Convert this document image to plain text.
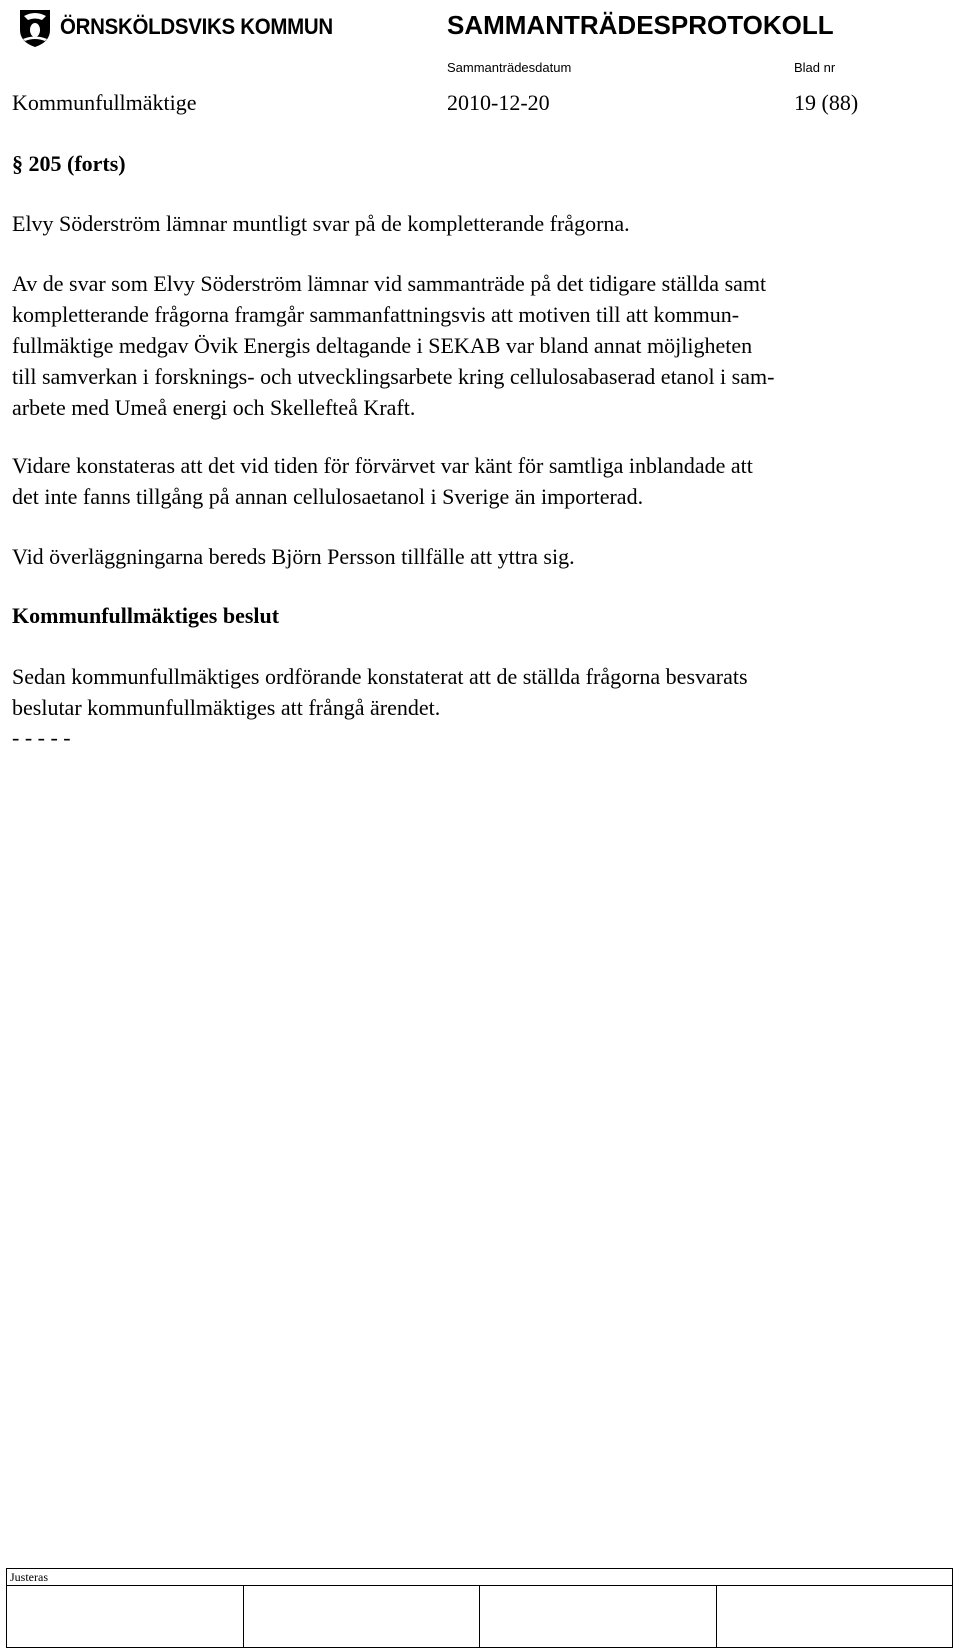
ÖRNSKÖLDSVIKS KOMMUN	SAMMANTRÄDESPROTOKOLL
Sammanträdesdatum	Blad nr
Kommunfullmäktige	2010-12-20	19 (88)
§ 205 (forts)
Elvy Söderström lämnar muntligt svar på de kompletterande frågorna.
Av de svar som Elvy Söderström lämnar vid sammanträde på det tidigare ställda samt
kompletterande frågorna framgår sammanfattningsvis att motiven till att kommun-
fullmäktige medgav Övik Energis deltagande i SEKAB var bland annat möjligheten
till samverkan i forsknings- och utvecklingsarbete kring cellulosabaserad etanol i sam-
arbete med Umeå energi och Skellefteå Kraft.
Vidare konstateras att det vid tiden för förvärvet var känt för samtliga inblandade att
det inte fanns tillgång på annan cellulosaetanol i Sverige än importerad.
Vid överläggningarna bereds Björn Persson tillfälle att yttra sig.
Kommunfullmäktiges beslut
Sedan kommunfullmäktiges ordförande konstaterat att de ställda frågorna besvarats
beslutar kommunfullmäktiges att frångå ärendet.
- - - - -
Justeras
